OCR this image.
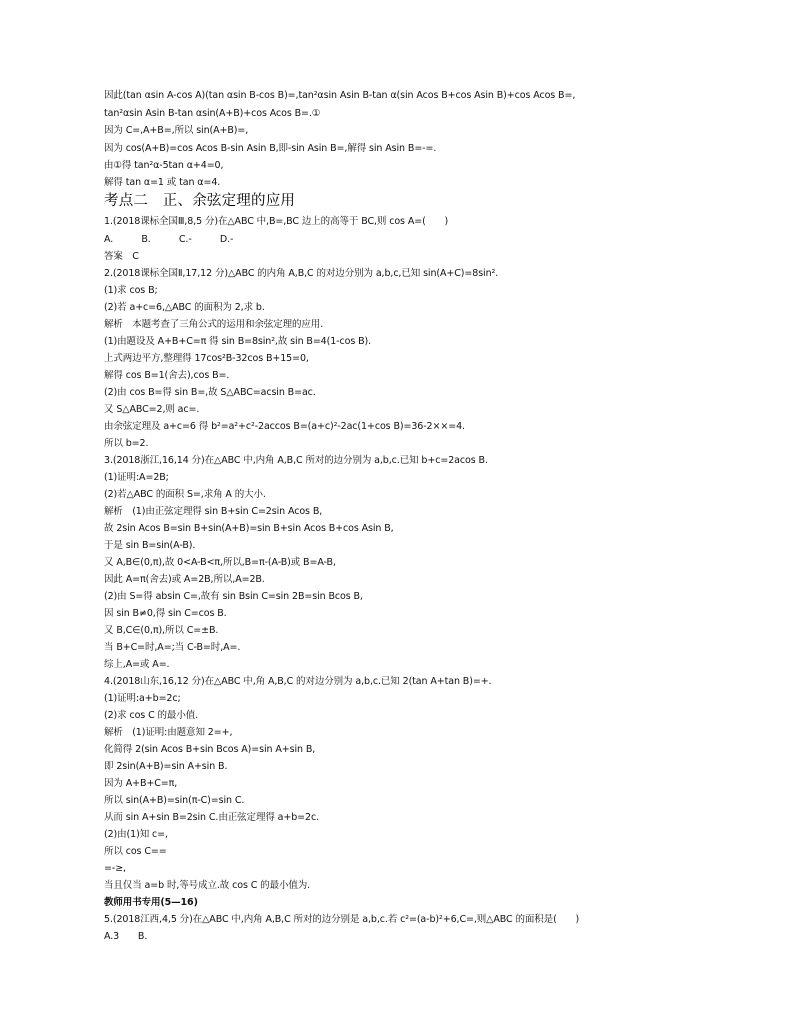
因此(tan αsin A-cos A)(tan αsin B-cos B)=,tan²αsin Asin B-tan α(sin Acos B+cos Asin B)+cos Acos B=,
tan²αsin Asin B-tan αsin(A+B)+cos Acos B=.①
因为 C=,A+B=,所以 sin(A+B)=,
因为 cos(A+B)=cos Acos B-sin Asin B,即-sin Asin B=,解得 sin Asin B=-=.
由①得 tan²α-5tan α+4=0,
解得 tan α=1 或 tan α=4.
考点二　正、余弦定理的应用
1.(2018课标全国Ⅲ,8,5 分)在△ABC 中,B=,BC 边上的高等于 BC,则 cos A=(　　)
A.　　　B.　　　C.-　　　D.-
答案　C
2.(2018课标全国Ⅱ,17,12 分)△ABC 的内角 A,B,C 的对边分别为 a,b,c,已知 sin(A+C)=8sin².
(1)求 cos B;
(2)若 a+c=6,△ABC 的面积为 2,求 b.
解析　本题考查了三角公式的运用和余弦定理的应用.
(1)由题设及 A+B+C=π 得 sin B=8sin²,故 sin B=4(1-cos B).
上式两边平方,整理得 17cos²B-32cos B+15=0,
解得 cos B=1(舍去),cos B=.
(2)由 cos B=得 sin B=,故 S△ABC=acsin B=ac.
又 S△ABC=2,则 ac=.
由余弦定理及 a+c=6 得 b²=a²+c²-2accos B=(a+c)²-2ac(1+cos B)=36-2××=4.
所以 b=2.
3.(2018浙江,16,14 分)在△ABC 中,内角 A,B,C 所对的边分别为 a,b,c.已知 b+c=2acos B.
(1)证明:A=2B;
(2)若△ABC 的面积 S=,求角 A 的大小.
解析　(1)由正弦定理得 sin B+sin C=2sin Acos B,
故 2sin Acos B=sin B+sin(A+B)=sin B+sin Acos B+cos Asin B,
于是 sin B=sin(A-B).
又 A,B∈(0,π),故 0<A-B<π,所以,B=π-(A-B)或 B=A-B,
因此 A=π(舍去)或 A=2B,所以,A=2B.
(2)由 S=得 absin C=,故有 sin Bsin C=sin 2B=sin Bcos B,
因 sin B≠0,得 sin C=cos B.
又 B,C∈(0,π),所以 C=±B.
当 B+C=时,A=;当 C-B=时,A=.
综上,A=或 A=.
4.(2018山东,16,12 分)在△ABC 中,角 A,B,C 的对边分别为 a,b,c.已知 2(tan A+tan B)=+.
(1)证明:a+b=2c;
(2)求 cos C 的最小值.
解析　(1)证明:由题意知 2=+,
化简得 2(sin Acos B+sin Bcos A)=sin A+sin B,
即 2sin(A+B)=sin A+sin B.
因为 A+B+C=π,
所以 sin(A+B)=sin(π-C)=sin C.
从而 sin A+sin B=2sin C.由正弦定理得 a+b=2c.
(2)由(1)知 c=,
所以 cos C==
=-≥,
当且仅当 a=b 时,等号成立.故 cos C 的最小值为.
教师用书专用(5—16)
5.(2018江西,4,5 分)在△ABC 中,内角 A,B,C 所对的边分别是 a,b,c.若 c²=(a-b)²+6,C=,则△ABC 的面积是(　　)
A.3　　B.
